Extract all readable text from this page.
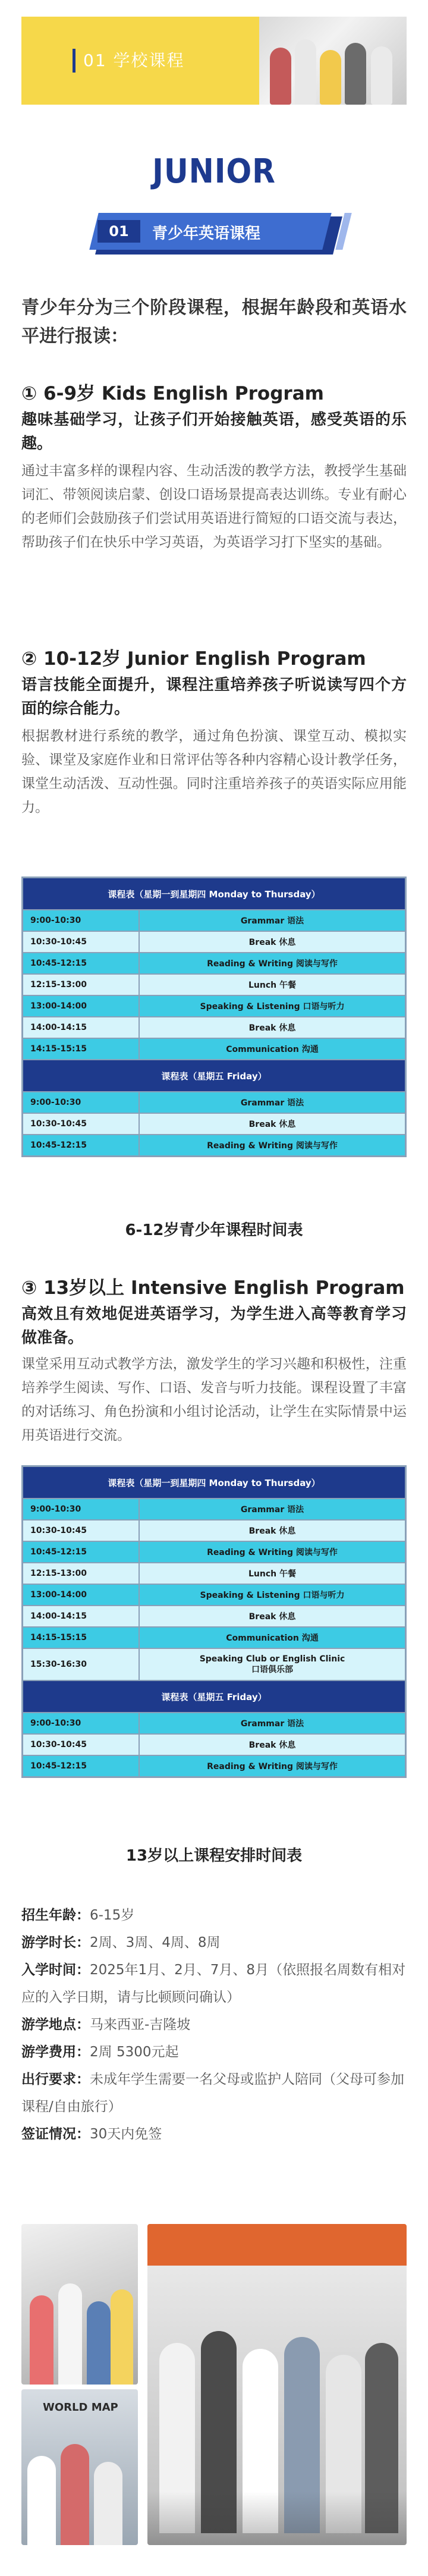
01 学校课程
JUNIOR
01	青少年英语课程
青少年分为三个阶段课程，根据年龄段和英语水平进行报读：
① 6-9岁 Kids English Program
趣味基础学习，让孩子们开始接触英语，感受英语的乐趣。
通过丰富多样的课程内容、生动活泼的教学方法，教授学生基础词汇、带领阅读启蒙、创设口语场景提高表达训练。专业有耐心的老师们会鼓励孩子们尝试用英语进行简短的口语交流与表达，帮助孩子们在快乐中学习英语，为英语学习打下坚实的基础。
② 10-12岁 Junior English Program
语言技能全面提升，课程注重培养孩子听说读写四个方面的综合能力。
根据教材进行系统的教学，通过角色扮演、课堂互动、模拟实验、课堂及家庭作业和日常评估等各种内容精心设计教学任务，课堂生动活泼、互动性强。同时注重培养孩子的英语实际应用能力。
课程表（星期一到星期四 Monday to Thursday）	
9:00-10:30	Grammar 语法
10:30-10:45	Break 休息
10:45-12:15	Reading & Writing 阅读与写作
12:15-13:00	Lunch 午餐
13:00-14:00	Speaking & Listening 口语与听力
14:00-14:15	Break 休息
14:15-15:15	Communication 沟通
课程表（星期五 Friday）	
9:00-10:30	Grammar 语法
10:30-10:45	Break 休息
10:45-12:15	Reading & Writing 阅读与写作
6-12岁青少年课程时间表
③ 13岁以上 Intensive English Program
高效且有效地促进英语学习，为学生进入高等教育学习做准备。
课堂采用互动式教学方法，激发学生的学习兴趣和积极性，注重培养学生阅读、写作、口语、发音与听力技能。课程设置了丰富的对话练习、角色扮演和小组讨论活动，让学生在实际情景中运用英语进行交流。
课程表（星期一到星期四 Monday to Thursday）	
9:00-10:30	Grammar 语法
10:30-10:45	Break 休息
10:45-12:15	Reading & Writing 阅读与写作
12:15-13:00	Lunch 午餐
13:00-14:00	Speaking & Listening 口语与听力
14:00-14:15	Break 休息
14:15-15:15	Communication 沟通
15:30-16:30	Speaking Club or English Clinic
口语俱乐部
课程表（星期五 Friday）	
9:00-10:30	Grammar 语法
10:30-10:45	Break 休息
10:45-12:15	Reading & Writing 阅读与写作
13岁以上课程安排时间表
招生年龄：6-15岁
游学时长：2周、3周、4周、8周
入学时间：2025年1月、2月、7月、8月（依照报名周数有相对应的入学日期，请与比顿顾问确认）
游学地点：马来西亚-吉隆坡
游学费用：2周 5300元起
出行要求：未成年学生需要一名父母或监护人陪同（父母可参加课程/自由旅行）
签证情况：30天内免签
WORLD MAP
